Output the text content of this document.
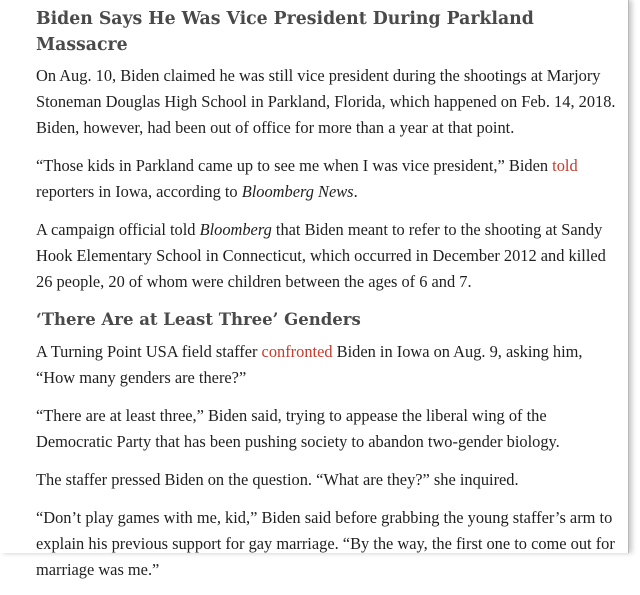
Biden Says He Was Vice President During Parkland Massacre

On Aug. 10, Biden claimed he was still vice president during the shootings at Marjory Stoneman Douglas High School in Parkland, Florida, which happened on Feb. 14, 2018. Biden, however, had been out of office for more than a year at that point.

“Those kids in Parkland came up to see me when I was vice president,” Biden told reporters in Iowa, according to Bloomberg News.

A campaign official told Bloomberg that Biden meant to refer to the shooting at Sandy Hook Elementary School in Connecticut, which occurred in December 2012 and killed 26 people, 20 of whom were children between the ages of 6 and 7.

‘There Are at Least Three’ Genders

A Turning Point USA field staffer confronted Biden in Iowa on Aug. 9, asking him, “How many genders are there?”

“There are at least three,” Biden said, trying to appease the liberal wing of the Democratic Party that has been pushing society to abandon two-gender biology.

The staffer pressed Biden on the question. “What are they?” she inquired.

“Don’t play games with me, kid,” Biden said before grabbing the young staffer’s arm to explain his previous support for gay marriage. “By the way, the first one to come out for marriage was me.”
